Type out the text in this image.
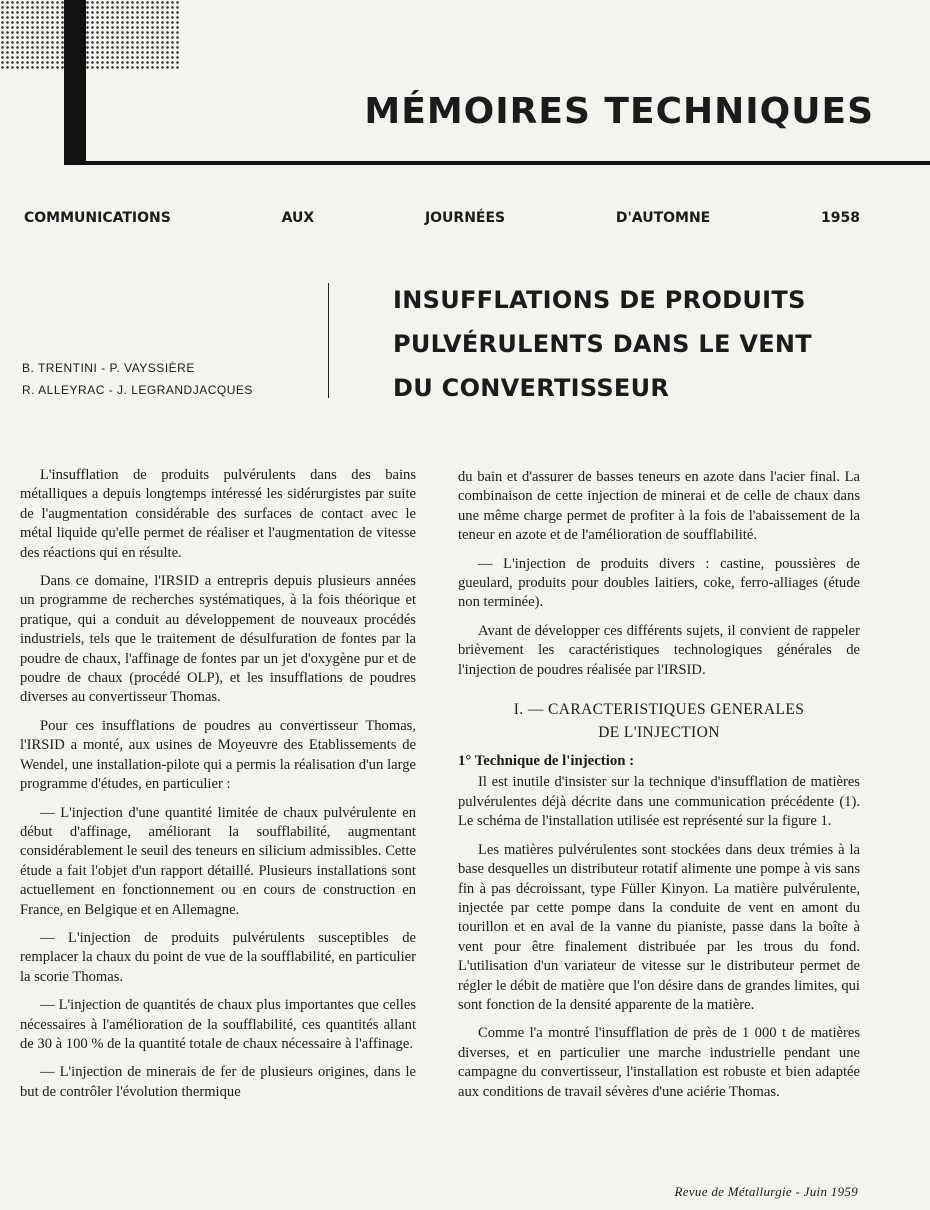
MÉMOIRES TECHNIQUES
COMMUNICATIONS	AUX	JOURNÉES	D'AUTOMNE	1958
B. TRENTINI - P. VAYSSIÈRE
R. ALLEYRAC - J. LEGRANDJACQUES
INSUFFLATIONS DE PRODUITS
PULVÉRULENTS DANS LE VENT
DU CONVERTISSEUR

L'insufflation de produits pulvérulents dans des bains métalliques a depuis longtemps intéressé les sidérurgistes par suite de l'augmentation considérable des surfaces de contact avec le métal liquide qu'elle permet de réaliser et l'augmentation de vitesse des réactions qui en résulte.

Dans ce domaine, l'IRSID a entrepris depuis plusieurs années un programme de recherches systématiques, à la fois théorique et pratique, qui a conduit au développement de nouveaux procédés industriels, tels que le traitement de désulfuration de fontes par la poudre de chaux, l'affinage de fontes par un jet d'oxygène pur et de poudre de chaux (procédé OLP), et les insufflations de poudres diverses au convertisseur Thomas.

Pour ces insufflations de poudres au convertisseur Thomas, l'IRSID a monté, aux usines de Moyeuvre des Etablissements de Wendel, une installation-pilote qui a permis la réalisation d'un large programme d'études, en particulier :

— L'injection d'une quantité limitée de chaux pulvérulente en début d'affinage, améliorant la soufflabilité, augmentant considérablement le seuil des teneurs en silicium admissibles. Cette étude a fait l'objet d'un rapport détaillé. Plusieurs installations sont actuellement en fonctionnement ou en cours de construction en France, en Belgique et en Allemagne.

— L'injection de produits pulvérulents susceptibles de remplacer la chaux du point de vue de la soufflabilité, en particulier la scorie Thomas.

— L'injection de quantités de chaux plus importantes que celles nécessaires à l'amélioration de la soufflabilité, ces quantités allant de 30 à 100 % de la quantité totale de chaux nécessaire à l'affinage.

— L'injection de minerais de fer de plusieurs origines, dans le but de contrôler l'évolution thermique

du bain et d'assurer de basses teneurs en azote dans l'acier final. La combinaison de cette injection de minerai et de celle de chaux dans une même charge permet de profiter à la fois de l'abaissement de la teneur en azote et de l'amélioration de soufflabilité.

— L'injection de produits divers : castine, poussières de gueulard, produits pour doubles laitiers, coke, ferro-alliages (étude non terminée).

Avant de développer ces différents sujets, il convient de rappeler brièvement les caractéristiques technologiques générales de l'injection de poudres réalisée par l'IRSID.

I. — CARACTERISTIQUES GENERALES
DE L'INJECTION
1° Technique de l'injection :

Il est inutile d'insister sur la technique d'insufflation de matières pulvérulentes déjà décrite dans une communication précédente (1). Le schéma de l'installation utilisée est représenté sur la figure 1.

Les matières pulvérulentes sont stockées dans deux trémies à la base desquelles un distributeur rotatif alimente une pompe à vis sans fin à pas décroissant, type Füller Kinyon. La matière pulvérulente, injectée par cette pompe dans la conduite de vent en amont du tourillon et en aval de la vanne du pianiste, passe dans la boîte à vent pour être finalement distribuée par les trous du fond. L'utilisation d'un variateur de vitesse sur le distributeur permet de régler le débit de matière que l'on désire dans de grandes limites, qui sont fonction de la densité apparente de la matière.

Comme l'a montré l'insufflation de près de 1 000 t de matières diverses, et en particulier une marche industrielle pendant une campagne du convertisseur, l'installation est robuste et bien adaptée aux conditions de travail sévères d'une aciérie Thomas.

Revue de Métallurgie - Juin 1959
